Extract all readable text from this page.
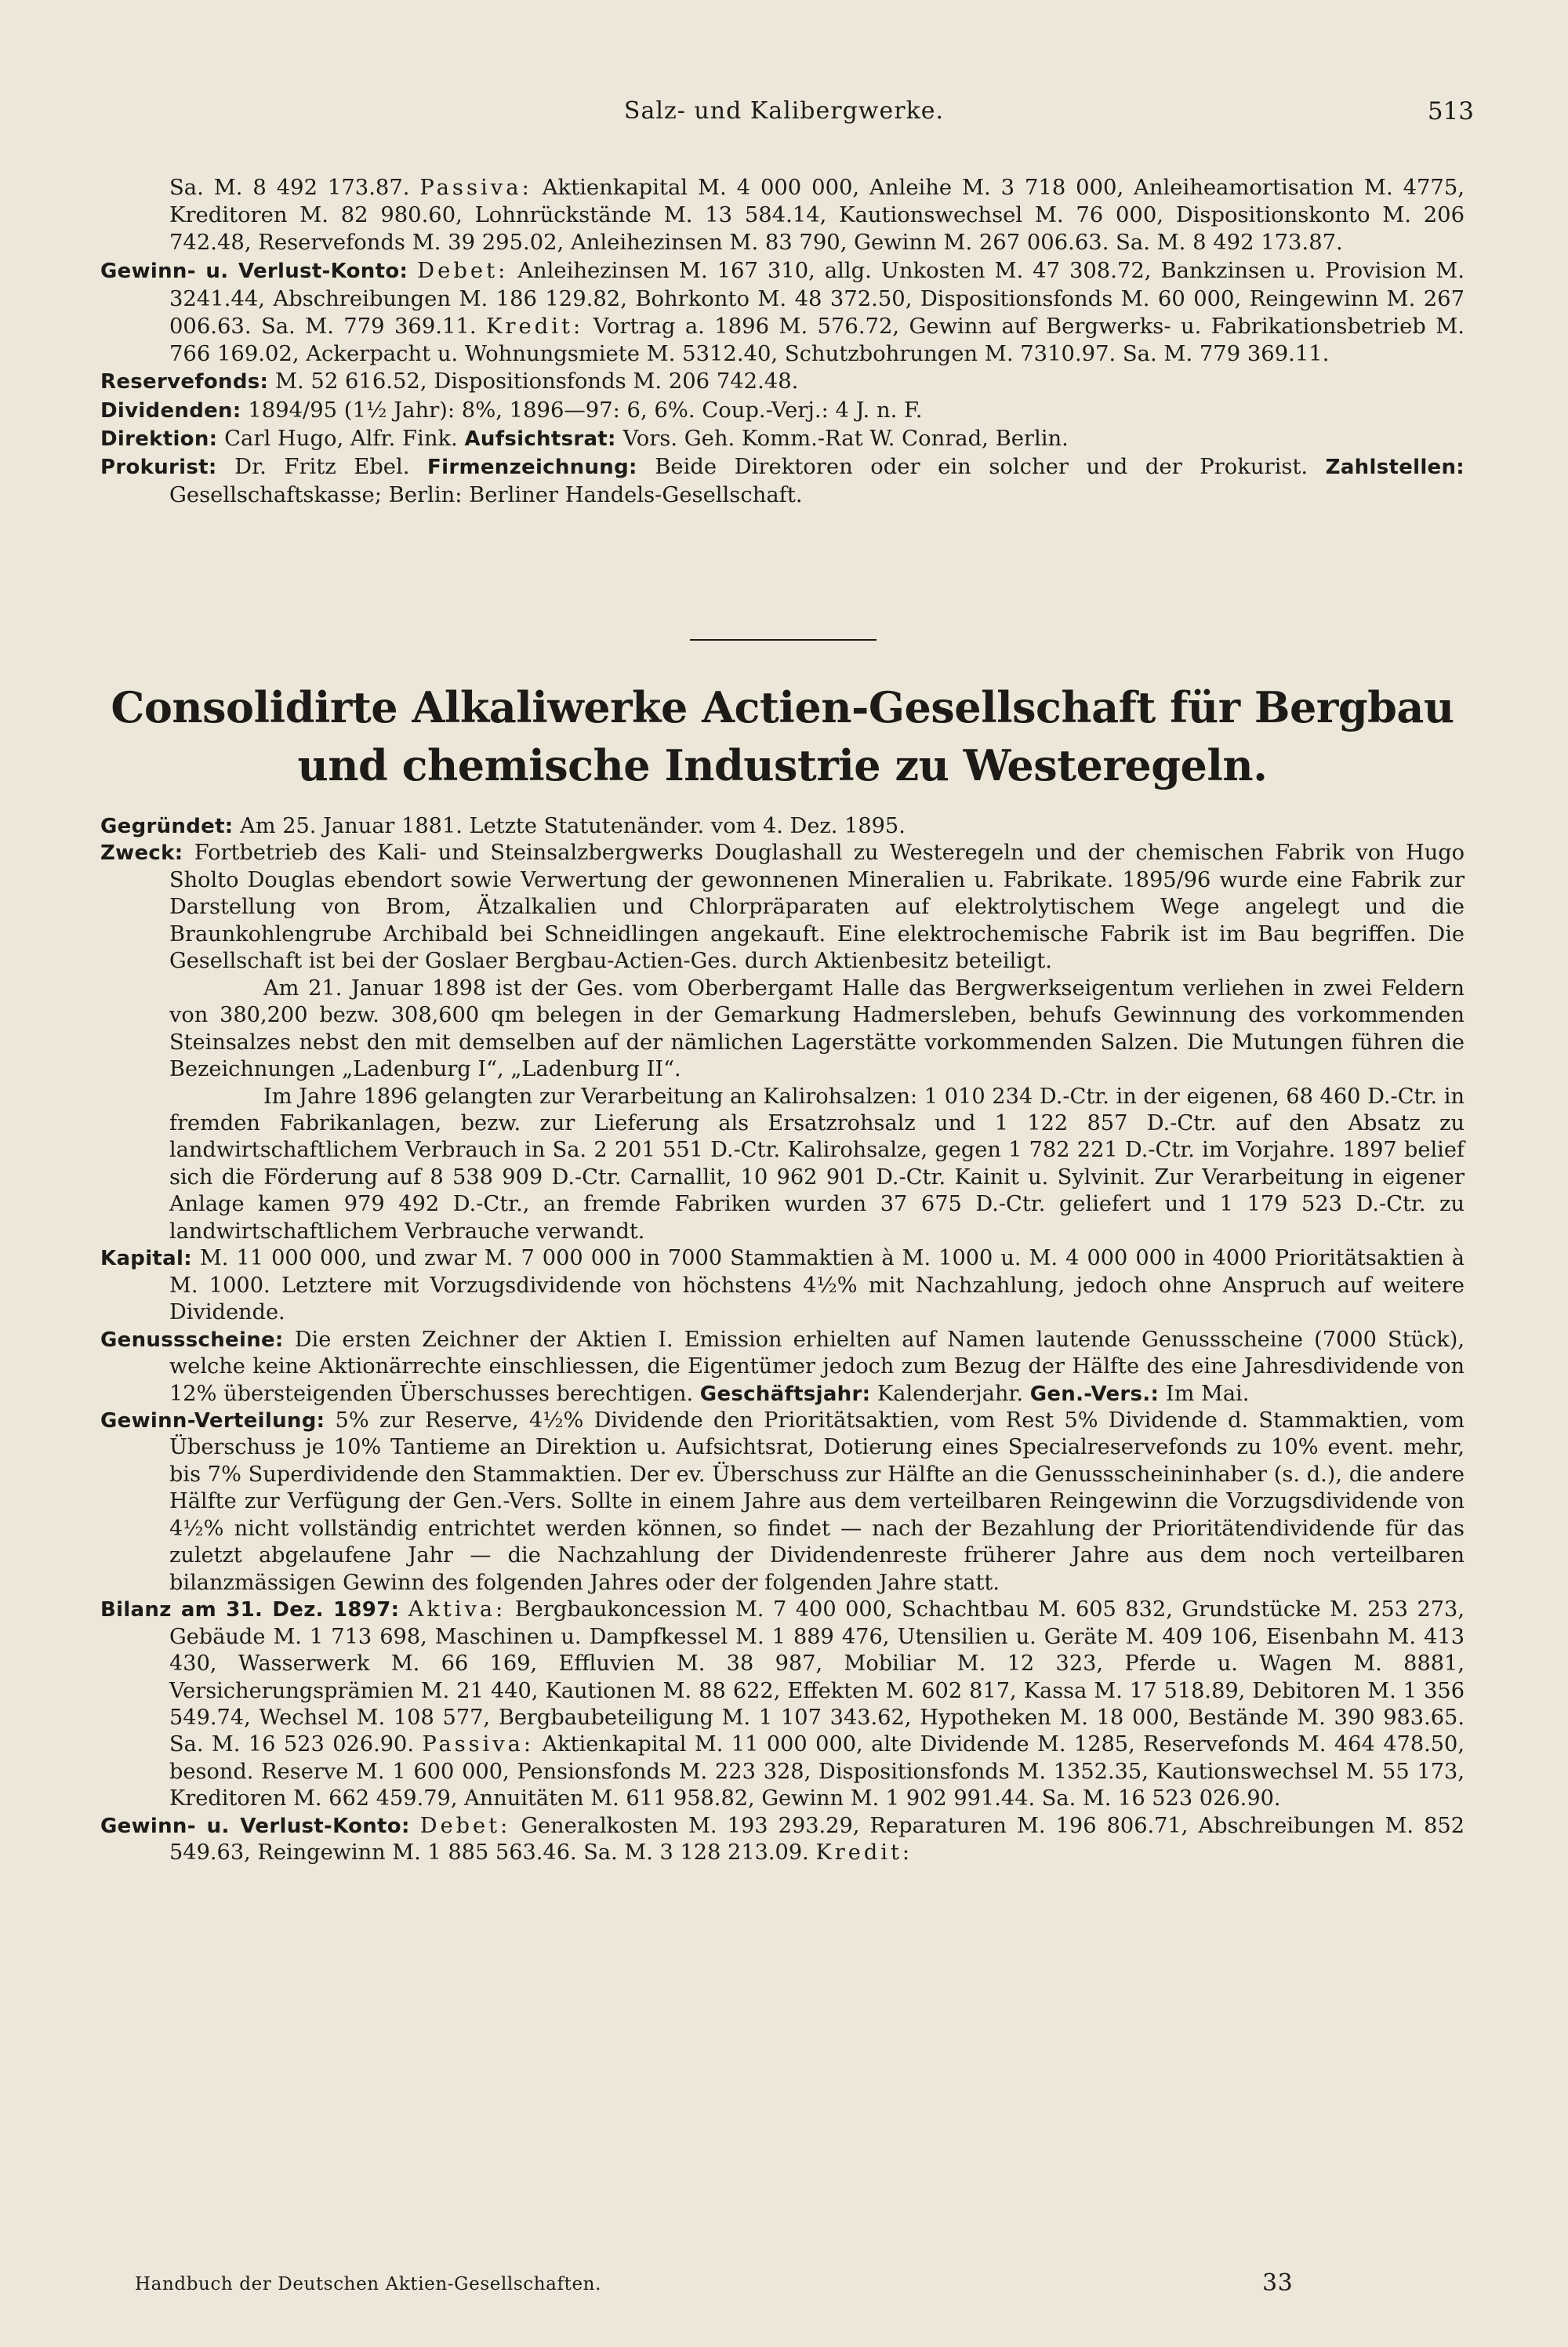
Salz- und Kalibergwerke.	513

Sa. M. 8 492 173.87. Passiva: Aktienkapital M. 4 000 000, Anleihe M. 3 718 000, Anleiheamortisation M. 4775, Kreditoren M. 82 980.60, Lohnrückstände M. 13 584.14, Kautionswechsel M. 76 000, Dispositionskonto M. 206 742.48, Reservefonds M. 39 295.02, Anleihezinsen M. 83 790, Gewinn M. 267 006.63. Sa. M. 8 492 173.87.

Gewinn- u. Verlust-Konto: Debet: Anleihezinsen M. 167 310, allg. Unkosten M. 47 308.72, Bankzinsen u. Provision M. 3241.44, Abschreibungen M. 186 129.82, Bohrkonto M. 48 372.50, Dispositionsfonds M. 60 000, Reingewinn M. 267 006.63. Sa. M. 779 369.11. Kredit: Vortrag a. 1896 M. 576.72, Gewinn auf Bergwerks- u. Fabrikationsbetrieb M. 766 169.02, Ackerpacht u. Wohnungsmiete M. 5312.40, Schutzbohrungen M. 7310.97. Sa. M. 779 369.11.

Reservefonds: M. 52 616.52, Dispositionsfonds M. 206 742.48.

Dividenden: 1894/95 (1½ Jahr): 8%, 1896—97: 6, 6%. Coup.-Verj.: 4 J. n. F.

Direktion: Carl Hugo, Alfr. Fink. Aufsichtsrat: Vors. Geh. Komm.-Rat W. Conrad, Berlin.

Prokurist: Dr. Fritz Ebel. Firmenzeichnung: Beide Direktoren oder ein solcher und der Prokurist. Zahlstellen: Gesellschaftskasse; Berlin: Berliner Handels-Gesellschaft.

Consolidirte Alkaliwerke Actien-Gesellschaft für Bergbau
und chemische Industrie zu Westeregeln.

Gegründet: Am 25. Januar 1881. Letzte Statutenänder. vom 4. Dez. 1895.

Zweck: Fortbetrieb des Kali- und Steinsalzbergwerks Douglashall zu Westeregeln und der chemischen Fabrik von Hugo Sholto Douglas ebendort sowie Verwertung der gewonnenen Mineralien u. Fabrikate. 1895/96 wurde eine Fabrik zur Darstellung von Brom, Ätzalkalien und Chlorpräparaten auf elektrolytischem Wege angelegt und die Braunkohlengrube Archibald bei Schneidlingen angekauft. Eine elektrochemische Fabrik ist im Bau begriffen. Die Gesellschaft ist bei der Goslaer Bergbau-Actien-Ges. durch Aktienbesitz beteiligt.

Am 21. Januar 1898 ist der Ges. vom Oberbergamt Halle das Bergwerkseigentum verliehen in zwei Feldern von 380,200 bezw. 308,600 qm belegen in der Gemarkung Hadmersleben, behufs Gewinnung des vorkommenden Steinsalzes nebst den mit demselben auf der nämlichen Lagerstätte vorkommenden Salzen. Die Mutungen führen die Bezeichnungen „Ladenburg I“, „Ladenburg II“.

Im Jahre 1896 gelangten zur Verarbeitung an Kalirohsalzen: 1 010 234 D.-Ctr. in der eigenen, 68 460 D.-Ctr. in fremden Fabrikanlagen, bezw. zur Lieferung als Ersatzrohsalz und 1 122 857 D.-Ctr. auf den Absatz zu landwirtschaftlichem Verbrauch in Sa. 2 201 551 D.-Ctr. Kalirohsalze, gegen 1 782 221 D.-Ctr. im Vorjahre. 1897 belief sich die Förderung auf 8 538 909 D.-Ctr. Carnallit, 10 962 901 D.-Ctr. Kainit u. Sylvinit. Zur Verarbeitung in eigener Anlage kamen 979 492 D.-Ctr., an fremde Fabriken wurden 37 675 D.-Ctr. geliefert und 1 179 523 D.-Ctr. zu landwirtschaftlichem Verbrauche verwandt.

Kapital: M. 11 000 000, und zwar M. 7 000 000 in 7000 Stammaktien à M. 1000 u. M. 4 000 000 in 4000 Prioritätsaktien à M. 1000. Letztere mit Vorzugsdividende von höchstens 4½% mit Nachzahlung, jedoch ohne Anspruch auf weitere Dividende.

Genussscheine: Die ersten Zeichner der Aktien I. Emission erhielten auf Namen lautende Genussscheine (7000 Stück), welche keine Aktionärrechte einschliessen, die Eigentümer jedoch zum Bezug der Hälfte des eine Jahresdividende von 12% übersteigenden Überschusses berechtigen. Geschäftsjahr: Kalenderjahr. Gen.-Vers.: Im Mai.

Gewinn-Verteilung: 5% zur Reserve, 4½% Dividende den Prioritätsaktien, vom Rest 5% Dividende d. Stammaktien, vom Überschuss je 10% Tantieme an Direktion u. Aufsichtsrat, Dotierung eines Specialreservefonds zu 10% event. mehr, bis 7% Superdividende den Stammaktien. Der ev. Überschuss zur Hälfte an die Genussscheininhaber (s. d.), die andere Hälfte zur Verfügung der Gen.-Vers. Sollte in einem Jahre aus dem verteilbaren Reingewinn die Vorzugsdividende von 4½% nicht vollständig entrichtet werden können, so findet — nach der Bezahlung der Prioritätendividende für das zuletzt abgelaufene Jahr — die Nachzahlung der Dividendenreste früherer Jahre aus dem noch verteilbaren bilanzmässigen Gewinn des folgenden Jahres oder der folgenden Jahre statt.

Bilanz am 31. Dez. 1897: Aktiva: Bergbaukoncession M. 7 400 000, Schachtbau M. 605 832, Grundstücke M. 253 273, Gebäude M. 1 713 698, Maschinen u. Dampfkessel M. 1 889 476, Utensilien u. Geräte M. 409 106, Eisenbahn M. 413 430, Wasserwerk M. 66 169, Effluvien M. 38 987, Mobiliar M. 12 323, Pferde u. Wagen M. 8881, Versicherungsprämien M. 21 440, Kautionen M. 88 622, Effekten M. 602 817, Kassa M. 17 518.89, Debitoren M. 1 356 549.74, Wechsel M. 108 577, Bergbaubeteiligung M. 1 107 343.62, Hypotheken M. 18 000, Bestände M. 390 983.65. Sa. M. 16 523 026.90. Passiva: Aktienkapital M. 11 000 000, alte Dividende M. 1285, Reservefonds M. 464 478.50, besond. Reserve M. 1 600 000, Pensionsfonds M. 223 328, Dispositionsfonds M. 1352.35, Kautionswechsel M. 55 173, Kreditoren M. 662 459.79, Annuitäten M. 611 958.82, Gewinn M. 1 902 991.44. Sa. M. 16 523 026.90.

Gewinn- u. Verlust-Konto: Debet: Generalkosten M. 193 293.29, Reparaturen M. 196 806.71, Abschreibungen M. 852 549.63, Reingewinn M. 1 885 563.46. Sa. M. 3 128 213.09. Kredit:

Handbuch der Deutschen Aktien-Gesellschaften.	33
